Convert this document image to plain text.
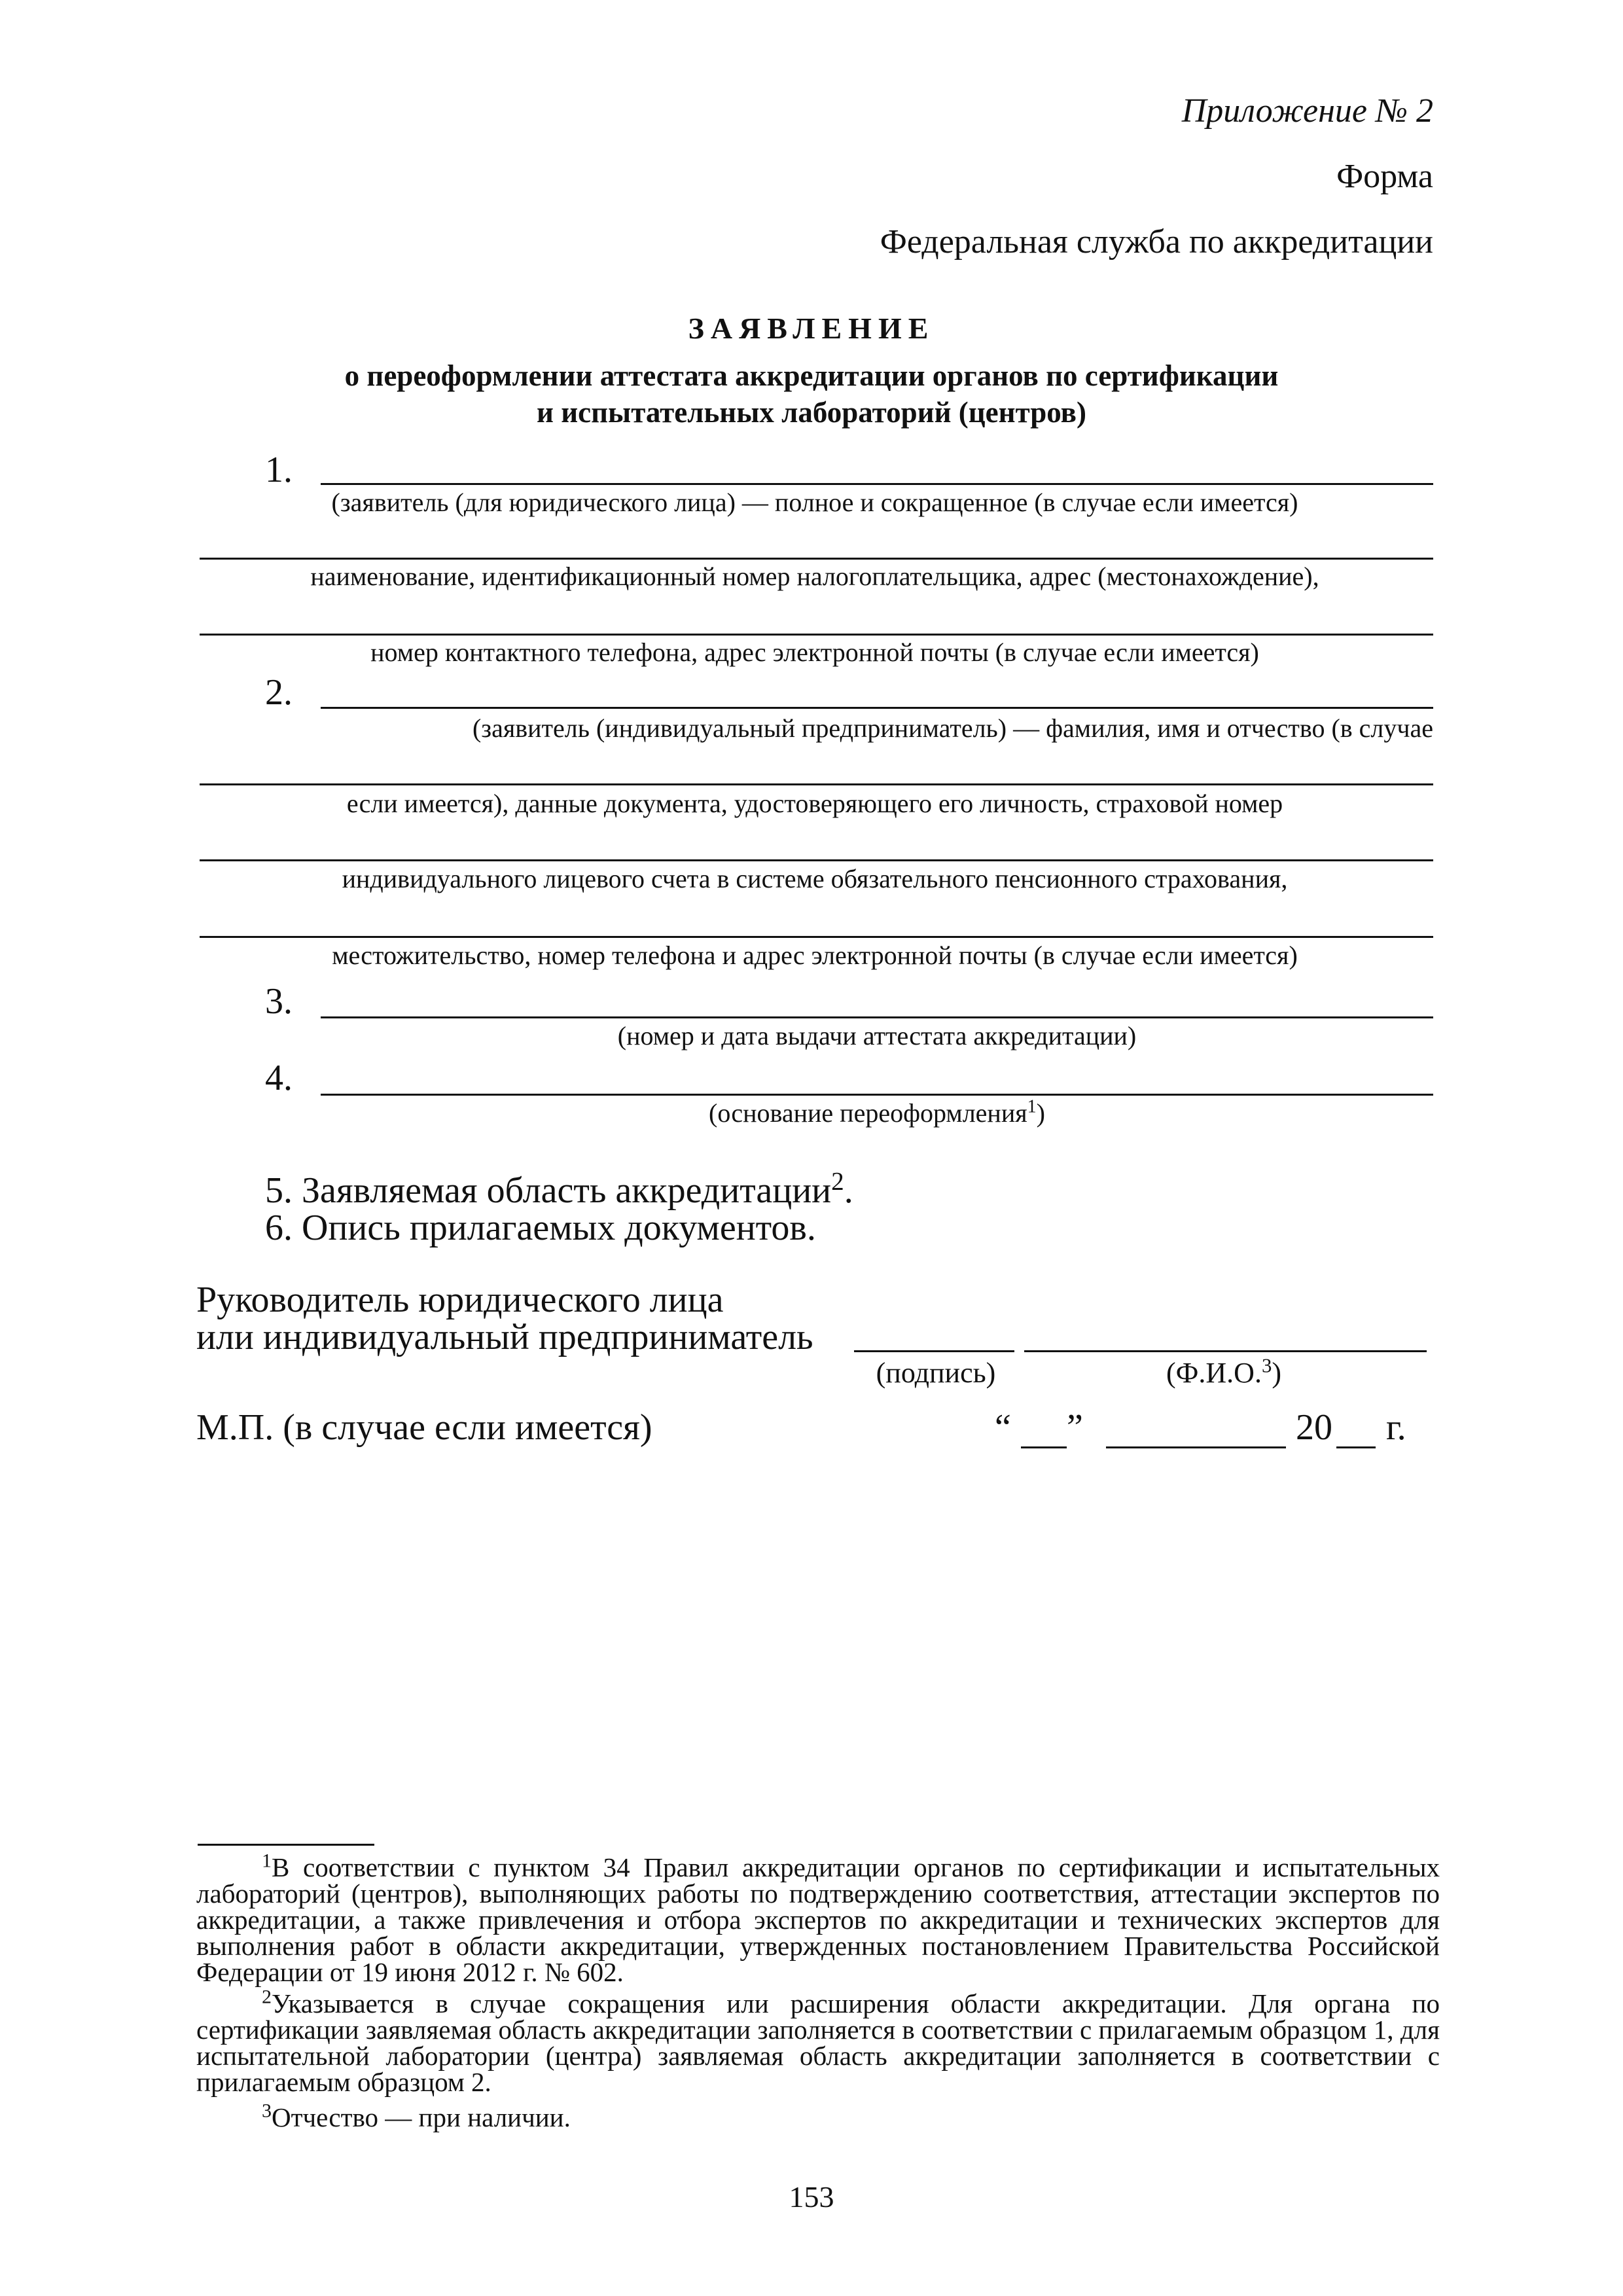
Приложение № 2
Форма
Федеральная служба по аккредитации
ЗАЯВЛЕНИЕ
о переоформлении аттестата аккредитации органов по сертификации
и испытательных лабораторий (центров)
1.
(заявитель (для юридического лица) — полное и сокращенное (в случае если имеется)
наименование, идентификационный номер налогоплательщика, адрес (местонахождение),
номер контактного телефона, адрес электронной почты (в случае если имеется)
2.
(заявитель (индивидуальный предприниматель) — фамилия, имя и отчество (в случае
если имеется), данные документа, удостоверяющего его личность, страховой номер
индивидуального лицевого счета в системе обязательного пенсионного страхования,
местожительство, номер телефона и адрес электронной почты (в случае если имеется)
3.
(номер и дата выдачи аттестата аккредитации)
4.
(основание переоформления$^1$)
5. Заявляемая область аккредитации$^2$.
6. Опись прилагаемых документов.
Руководитель юридического лица
или индивидуальный предприниматель
(подпись)	(Ф.И.О.$^3$)
М.П. (в случае если имеется)	“ ”	20 г.

$^1$В соответствии с пунктом 34 Правил аккредитации органов по сертификации и испытательных лабораторий (центров), выполняющих работы по подтверждению соответствия, аттестации экспертов по аккредитации, а также привлечения и отбора экспертов по аккредитации и технических экспертов для выполнения работ в области аккредитации, утвержденных постановлением Правительства Российской Федерации от 19 июня 2012 г. № 602.

$^2$Указывается в случае сокращения или расширения области аккредитации. Для органа по сертификации заявляемая область аккредитации заполняется в соответствии с прилагаемым образцом 1, для испытательной лаборатории (центра) заявляемая область аккредитации заполняется в соответствии с прилагаемым образцом 2.

$^3$Отчество — при наличии.

153
